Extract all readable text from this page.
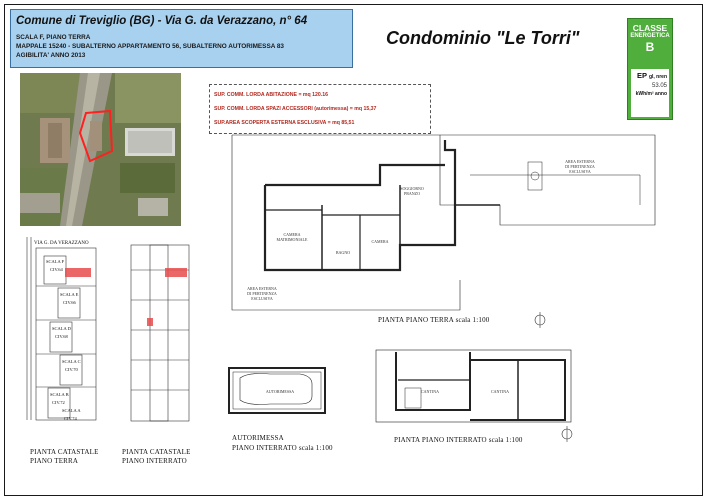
Comune di Treviglio (BG) - Via G. da Verazzano, n° 64
SCALA F, PIANO TERRA
MAPPALE 15240 - SUBALTERNO APPARTAMENTO 56, SUBALTERNO AUTORIMESSA 83
AGIBILITA' ANNO 2013
Condominio "Le Torri"	CLASSE
ENERGETICA
B
EP gl, nren
53.05
kWh/m² anno
SUP. COMM. LORDA ABITAZIONE = mq 120.16
SUP. COMM. LORDA SPAZI ACCESSORI (autorimessa) = mq 15,37
SUP.AREA SCOPERTA ESTERNA ESCLUSIVA = mq 85,51
VIA G. DA VERAZZANO
SCALA F
CIV.64
SCALA E
CIV.66
SCALA D
CIV.68
SCALA C
CIV.70
SCALA B
CIV.72
SCALA A
CIV.74
CAMERA
MATRIMONIALE	CAMERA
BAGNO
SOGGIORNO
PRANZO
AREA ESTERNA
DI PERTINENZA
ESCLUSIVA
AREA ESTERNA
DI PERTINENZA
ESCLUSIVA
CANTINA	CANTINA
AUTORIMESSA
PIANTA PIANO TERRA scala 1:100
PIANTA PIANO INTERRATO scala 1:100
AUTORIMESSA
PIANO INTERRATO scala 1:100
PIANTA CATASTALE
PIANO TERRA
PIANTA CATASTALE
PIANO INTERRATO
